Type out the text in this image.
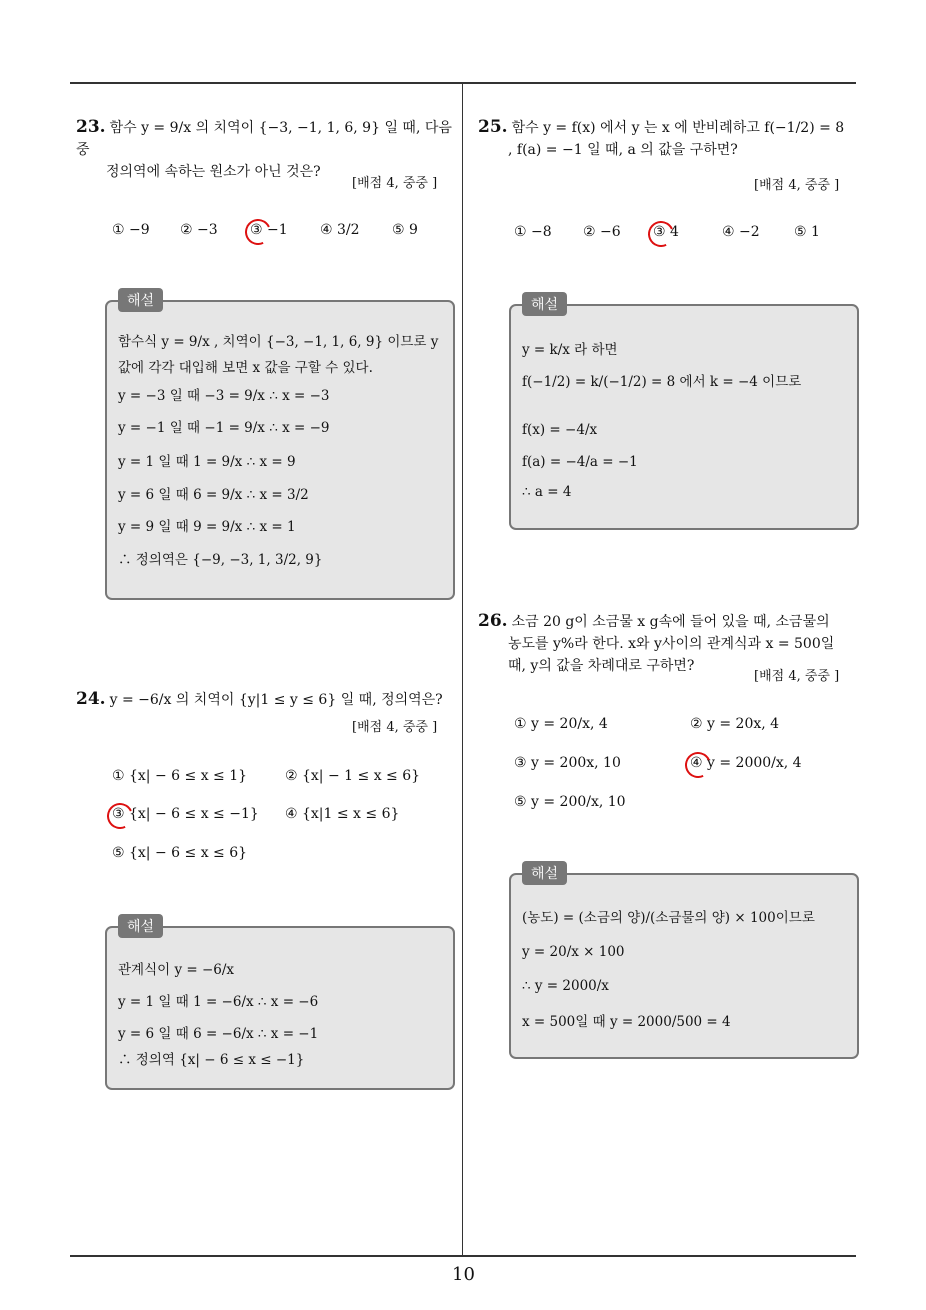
23. 함수 y = 9/x 의 치역이 {−3, −1, 1, 6, 9} 일 때, 다음 중
정의역에 속하는 원소가 아닌 것은?
[배점 4, 중중 ]
① −9 ② −3 ③ −1 ④ 3/2 ⑤ 9
해설
함수식 y = 9/x , 치역이 {−3, −1, 1, 6, 9} 이므로 y
값에 각각 대입해 보면 x 값을 구할 수 있다.
y = −3 일 때 −3 = 9/x ∴ x = −3
y = −1 일 때 −1 = 9/x ∴ x = −9
y = 1 일 때 1 = 9/x ∴ x = 9
y = 6 일 때 6 = 9/x ∴ x = 3/2
y = 9 일 때 9 = 9/x ∴ x = 1
∴ 정의역은 {−9, −3, 1, 3/2, 9}
24. y = −6/x 의 치역이 {y|1 ≤ y ≤ 6} 일 때, 정의역은?
[배점 4, 중중 ]
① {x| − 6 ≤ x ≤ 1}	② {x| − 1 ≤ x ≤ 6}
③ {x| − 6 ≤ x ≤ −1} ④ {x|1 ≤ x ≤ 6}
⑤ {x| − 6 ≤ x ≤ 6}
해설
관계식이 y = −6/x
y = 1 일 때 1 = −6/x ∴ x = −6
y = 6 일 때 6 = −6/x ∴ x = −1
∴ 정의역 {x| − 6 ≤ x ≤ −1}
25. 함수 y = f(x) 에서 y 는 x 에 반비례하고 f(−1/2) = 8
, f(a) = −1 일 때, a 의 값을 구하면?
[배점 4, 중중 ]
① −8 ② −6 ③ 4	④ −2 ⑤ 1
해설
y = k/x 라 하면
f(−1/2) = k/(−1/2) = 8 에서 k = −4 이므로
f(x) = −4/x
f(a) = −4/a = −1
∴ a = 4
26. 소금 20 g이 소금물 x g속에 들어 있을 때, 소금물의
농도를 y%라 한다. x와 y사이의 관계식과 x = 500일
때, y의 값을 차례대로 구하면?
[배점 4, 중중 ]
① y = 20/x, 4	② y = 20x, 4
③ y = 200x, 10	④ y = 2000/x, 4
⑤ y = 200/x, 10
해설
(농도) = (소금의 양)/(소금물의 양) × 100이므로
y = 20/x × 100
∴ y = 2000/x
x = 500일 때 y = 2000/500 = 4
10
